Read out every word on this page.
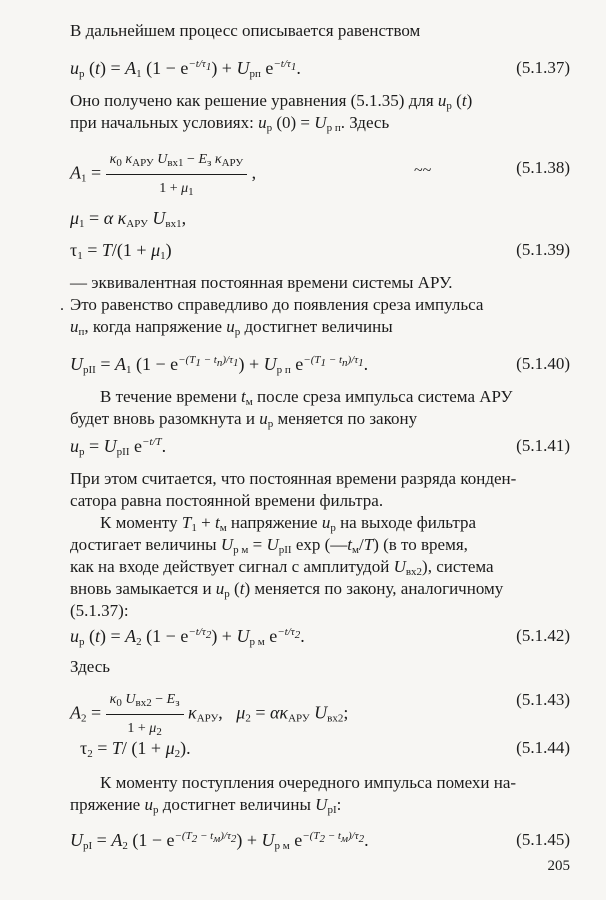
В дальнейшем процесс описывается равенством
$u_p$ $(t) = A_1$ $(1 - e^{-t/\tau_1}) + U_{pп}$ $e^{-t/\tau_1}$.	(5.1.37)
Оно получено как решение уравнения (5.1.35) для $u_р$ (t)
при начальных условиях: $u_р$ $(0) = U_{р п}$. Здесь
$A_1 = \frac{\kappa_0 \kappa_{АРУ} U_{вх1} - E_з \kappa_{АРУ}}{1 + \mu_1}$ ,	~~	(5.1.38)
$\mu_1 = \alpha$ $\kappa_{АРУ}$ $U_{вх1}$,
$\tau_1 = T/(1 + \mu_1)$	(5.1.39)
— эквивалентная постоянная времени системы АРУ.
. Это равенство справедливо до появления среза импульса
$u_п$, когда напряжение $u_р$ достигнет величины
$U_{pII} = A_1$ $(1 - e^{-(T_1 - t_п)/\tau_1}) + U_{p п}$ $e^{-(T_1 - t_п)/\tau_1}$.	(5.1.40)
В течение времени $t_м$ после среза импульса система АРУ
будет вновь разомкнута и $u_р$ меняется по закону
$u_p = U_{pII}$ $e^{-t/T}$.	(5.1.41)
При этом считается, что постоянная времени разряда конден-
сатора равна постоянной времени фильтра.
К моменту $T_1 + t_м$ напряжение $u_р$ на выходе фильтра
достигает величины $U_{р м} = U_{рII}$ $\exp (—t_м/T)$ (в то время,
как на входе действует сигнал с амплитудой $U_{вх2}$), система
вновь замыкается и $u_р$ (t) меняется по закону, аналогичному
(5.1.37):
$u_p$ $(t) = A_2$ $(1 - e^{-t/\tau_2}) + U_{p м}$ $e^{-t/\tau_2}$.	(5.1.42)
Здесь
$A_2 = \frac{\kappa_0 U_{вх2} - E_з}{1 + \mu_2} \kappa_{АРУ}$,   $\mu_2 = \alpha\kappa_{АРУ}$ $U_{вх2}$;
(5.1.43)
$\tau_2 = T/$ $(1 + \mu_2)$.	(5.1.44)
К моменту поступления очередного импульса помехи на-
пряжение $u_р$ достигнет величины $U_{рI}$:
$U_{pI} = A_2$ $(1 - e^{-(T_2 - t_м)/\tau_2}) + U_{p м}$ $e^{-(T_2 - t_м)/\tau_2}$.	(5.1.45)
205
